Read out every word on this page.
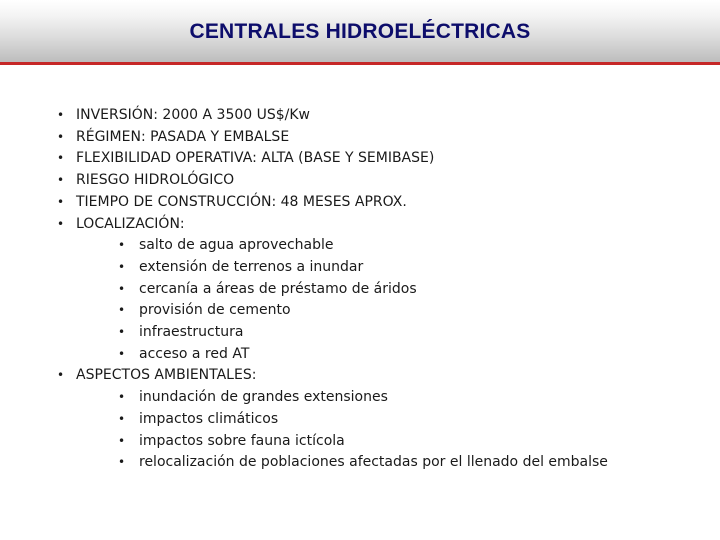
CENTRALES HIDROELÉCTRICAS

• INVERSIÓN: 2000 A 3500 US$/Kw

• RÉGIMEN: PASADA Y EMBALSE

• FLEXIBILIDAD OPERATIVA: ALTA (BASE Y SEMIBASE)

• RIESGO HIDROLÓGICO

• TIEMPO DE CONSTRUCCIÓN: 48 MESES APROX.

• LOCALIZACIÓN:

• salto de agua aprovechable

• extensión de terrenos a inundar

• cercanía a áreas de préstamo de áridos

• provisión de cemento

• infraestructura

• acceso a red AT

• ASPECTOS AMBIENTALES:

• inundación de grandes extensiones

• impactos climáticos

• impactos sobre fauna ictícola

• relocalización de poblaciones afectadas por el llenado del embalse
